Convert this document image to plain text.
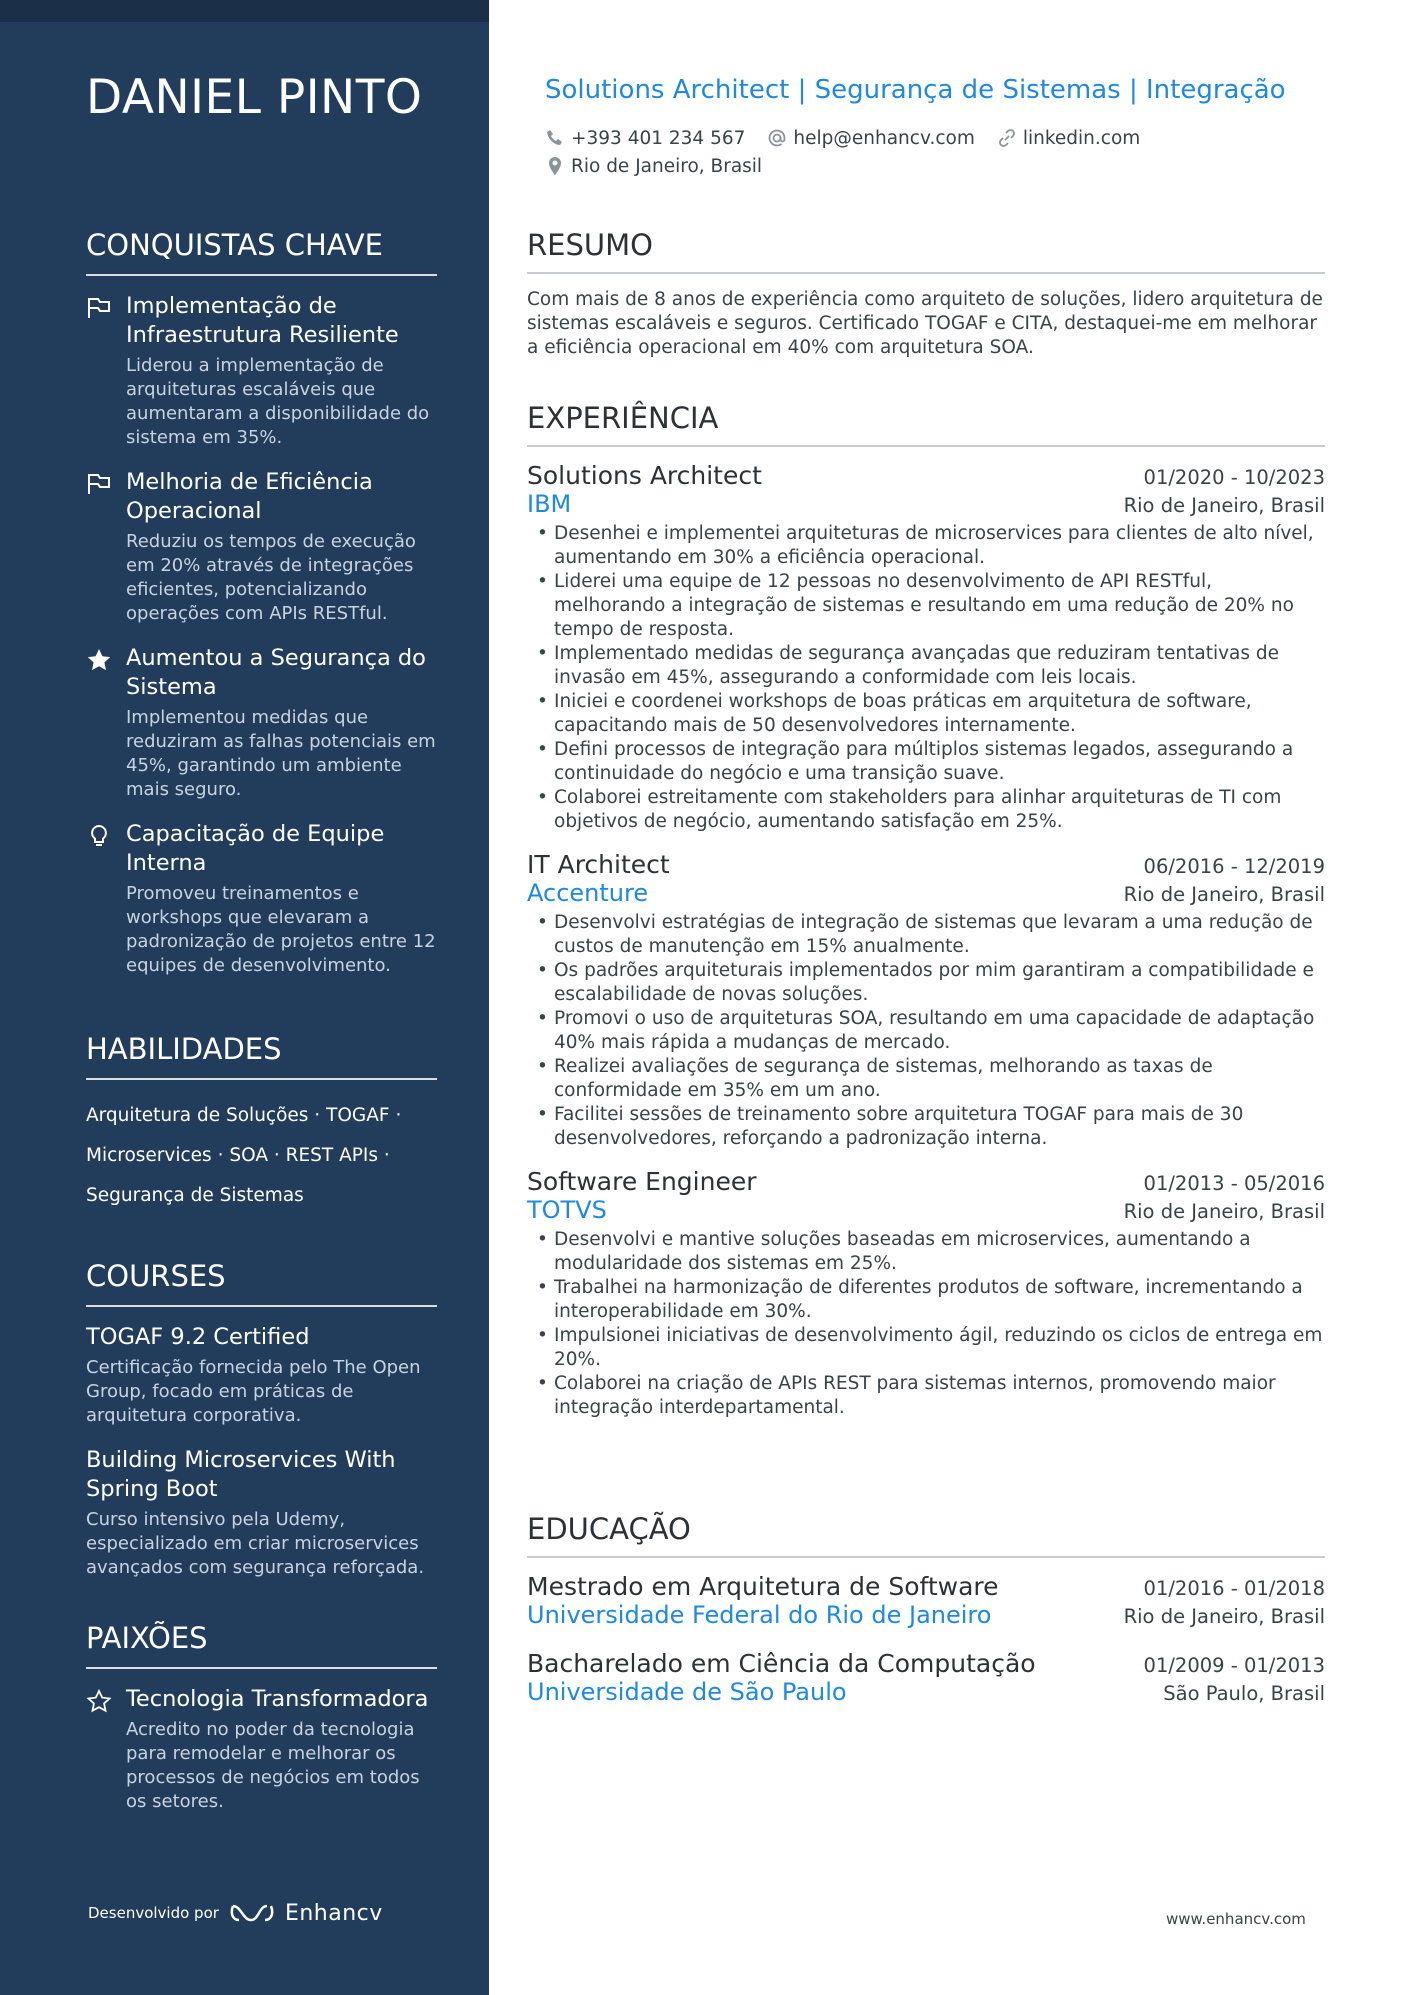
DANIEL PINTO
CONQUISTAS CHAVE
Implementação de Infraestrutura Resiliente
Liderou a implementação de arquiteturas escaláveis que aumentaram a disponibilidade do sistema em 35%.
Melhoria de Eficiência Operacional
Reduziu os tempos de execução em 20% através de integrações eficientes, potencializando operações com APIs RESTful.
Aumentou a Segurança do Sistema
Implementou medidas que reduziram as falhas potenciais em 45%, garantindo um ambiente mais seguro.
Capacitação de Equipe Interna
Promoveu treinamentos e workshops que elevaram a padronização de projetos entre 12 equipes de desenvolvimento.
HABILIDADES
Arquitetura de Soluções · TOGAF ·
Microservices · SOA · REST APIs ·
Segurança de Sistemas
COURSES
TOGAF 9.2 Certified
Certificação fornecida pelo The Open Group, focado em práticas de arquitetura corporativa.
Building Microservices With Spring Boot
Curso intensivo pela Udemy, especializado em criar microservices avançados com segurança reforçada.
PAIXÕES
Tecnologia Transformadora
Acredito no poder da tecnologia para remodelar e melhorar os processos de negócios em todos os setores.
Desenvolvido por	Enhancv
Solutions Architect | Segurança de Sistemas | Integração
+393 401 234 567	help@enhancv.com	linkedin.com
Rio de Janeiro, Brasil
RESUMO

Com mais de 8 anos de experiência como arquiteto de soluções, lidero arquitetura de sistemas escaláveis e seguros. Certificado TOGAF e CITA, destaquei-me em melhorar a eficiência operacional em 40% com arquitetura SOA.

EXPERIÊNCIA
Solutions Architect	01/2020 - 10/2023
IBM	Rio de Janeiro, Brasil
• Desenhei e implementei arquiteturas de microservices para clientes de alto nível, aumentando em 30% a eficiência operacional.
• Liderei uma equipe de 12 pessoas no desenvolvimento de API RESTful, melhorando a integração de sistemas e resultando em uma redução de 20% no tempo de resposta.
• Implementado medidas de segurança avançadas que reduziram tentativas de invasão em 45%, assegurando a conformidade com leis locais.
• Iniciei e coordenei workshops de boas práticas em arquitetura de software, capacitando mais de 50 desenvolvedores internamente.
• Defini processos de integração para múltiplos sistemas legados, assegurando a continuidade do negócio e uma transição suave.
• Colaborei estreitamente com stakeholders para alinhar arquiteturas de TI com objetivos de negócio, aumentando satisfação em 25%.
IT Architect	06/2016 - 12/2019
Accenture	Rio de Janeiro, Brasil
• Desenvolvi estratégias de integração de sistemas que levaram a uma redução de custos de manutenção em 15% anualmente.
• Os padrões arquiteturais implementados por mim garantiram a compatibilidade e escalabilidade de novas soluções.
• Promovi o uso de arquiteturas SOA, resultando em uma capacidade de adaptação 40% mais rápida a mudanças de mercado.
• Realizei avaliações de segurança de sistemas, melhorando as taxas de conformidade em 35% em um ano.
• Facilitei sessões de treinamento sobre arquitetura TOGAF para mais de 30 desenvolvedores, reforçando a padronização interna.
Software Engineer	01/2013 - 05/2016
TOTVS	Rio de Janeiro, Brasil
• Desenvolvi e mantive soluções baseadas em microservices, aumentando a modularidade dos sistemas em 25%.
• Trabalhei na harmonização de diferentes produtos de software, incrementando a interoperabilidade em 30%.
• Impulsionei iniciativas de desenvolvimento ágil, reduzindo os ciclos de entrega em 20%.
• Colaborei na criação de APIs REST para sistemas internos, promovendo maior integração interdepartamental.
EDUCAÇÃO
Mestrado em Arquitetura de Software	01/2016 - 01/2018
Universidade Federal do Rio de Janeiro	Rio de Janeiro, Brasil
Bacharelado em Ciência da Computação	01/2009 - 01/2013
Universidade de São Paulo	São Paulo, Brasil
www.enhancv.com
